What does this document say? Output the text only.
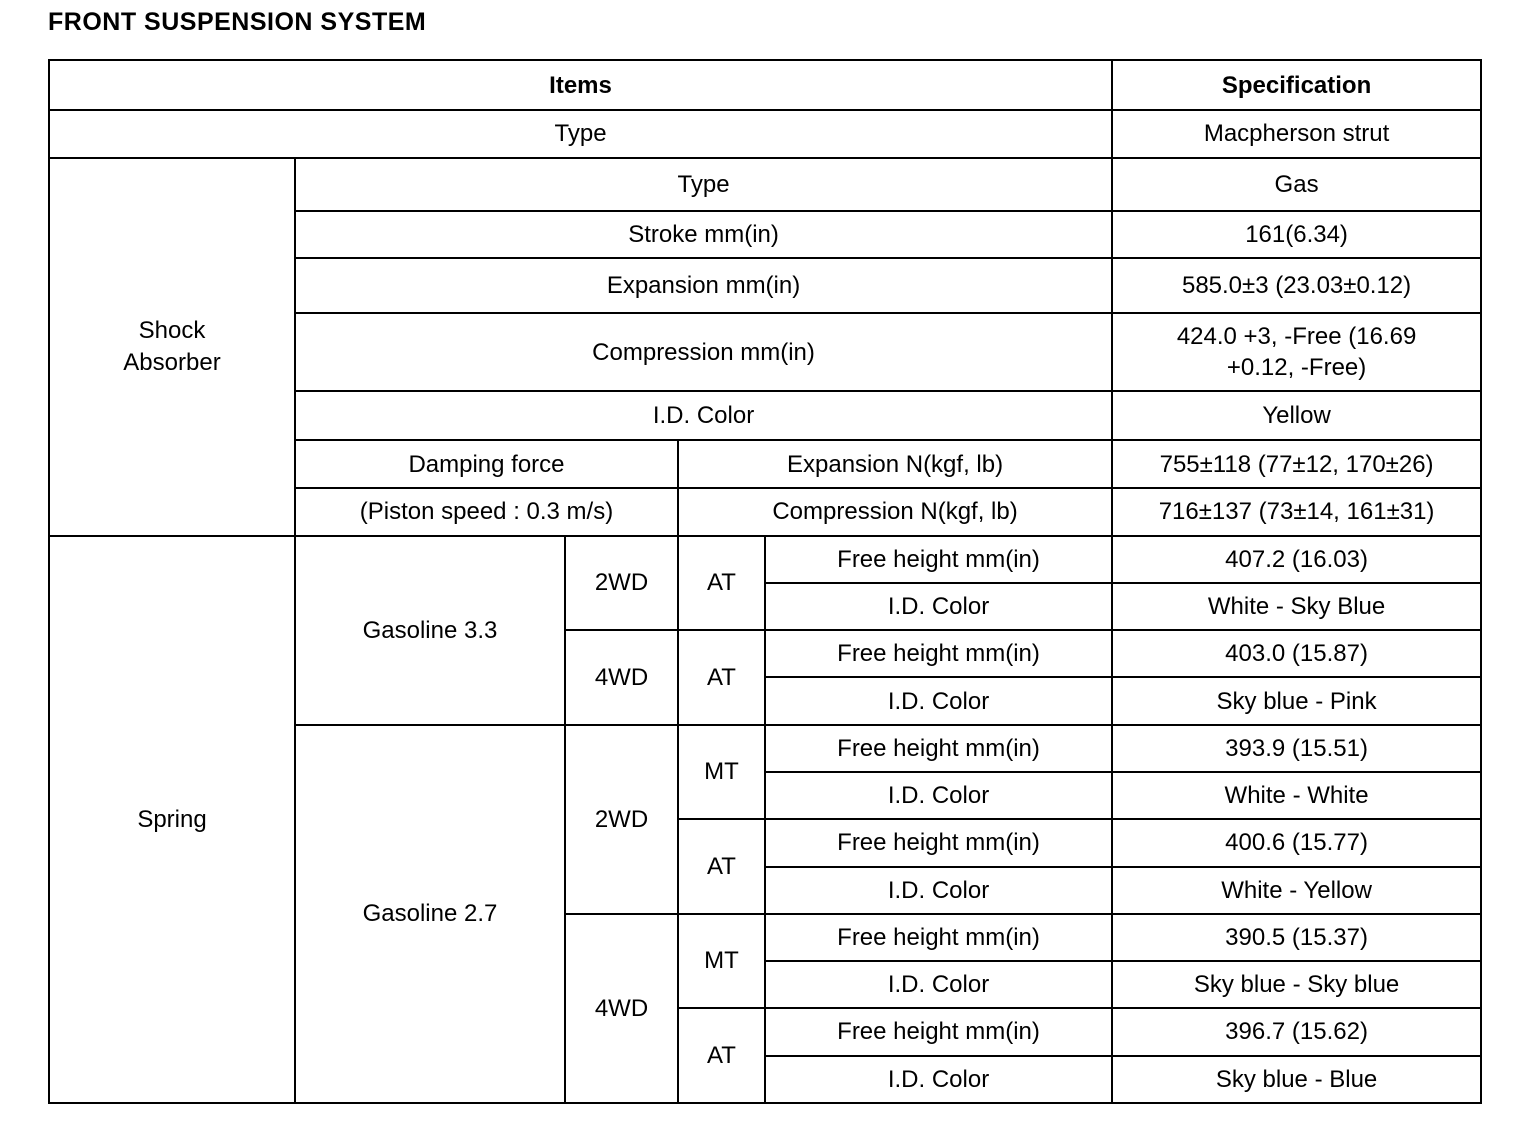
FRONT SUSPENSION SYSTEM
Items					Specification
Type					Macpherson strut
Shock Absorber	Type				Gas
	Stroke mm(in)				161(6.34)
	Expansion mm(in)				585.0±3 (23.03±0.12)
	Compression mm(in)				424.0 +3, -Free (16.69 +0.12, -Free)
	I.D. Color				Yellow
	Damping force		Expansion N(kgf, lb)		755±118 (77±12, 170±26)
	(Piston speed : 0.3 m/s)		Compression N(kgf, lb)		716±137 (73±14, 161±31)
Spring	Gasoline 3.3	2WD	AT	Free height mm(in)	407.2 (16.03)
				I.D. Color	White - Sky Blue
		4WD	AT	Free height mm(in)	403.0 (15.87)
				I.D. Color	Sky blue - Pink
	Gasoline 2.7	2WD	MT	Free height mm(in)	393.9 (15.51)
				I.D. Color	White - White
			AT	Free height mm(in)	400.6 (15.77)
				I.D. Color	White - Yellow
		4WD	MT	Free height mm(in)	390.5 (15.37)
				I.D. Color	Sky blue - Sky blue
			AT	Free height mm(in)	396.7 (15.62)
				I.D. Color	Sky blue - Blue
